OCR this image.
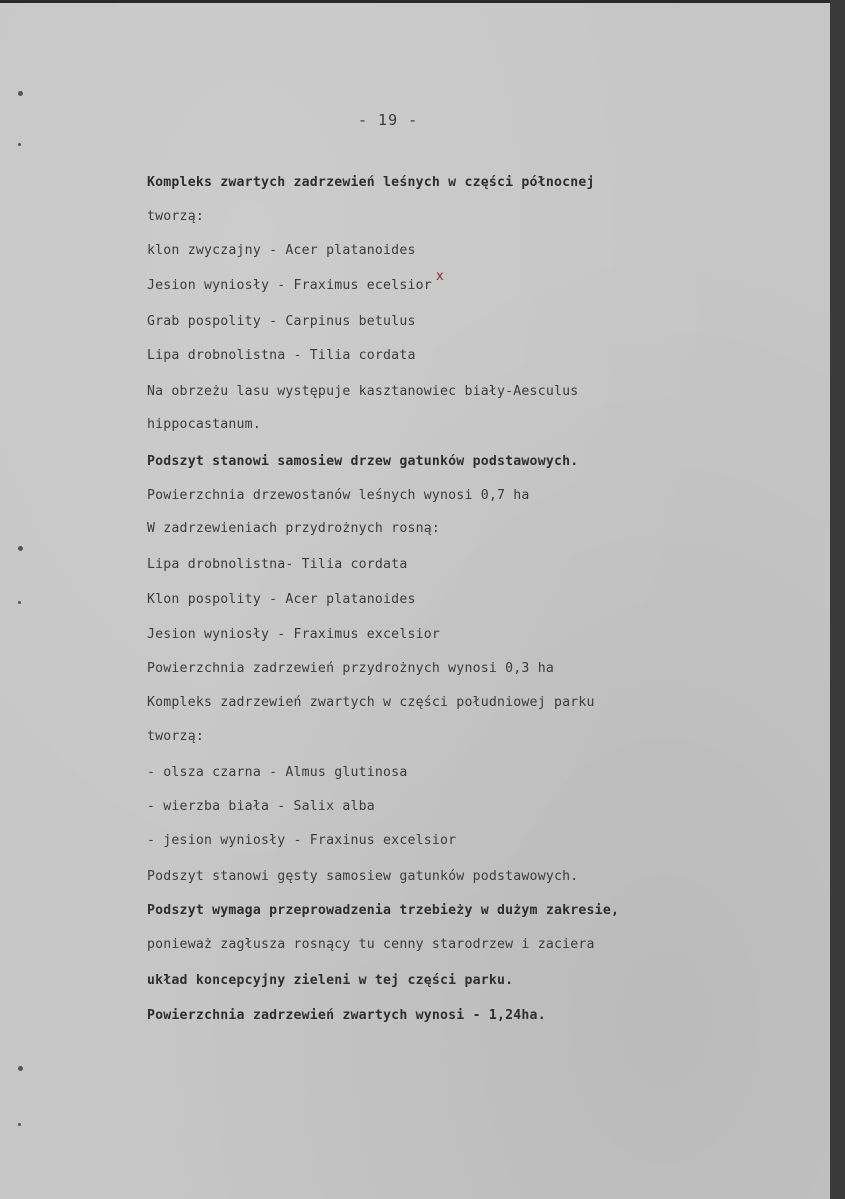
- 19 -
Kompleks zwartych zadrzewień leśnych w części północnej
tworzą:
klon zwyczajny - Acer platanoides
Jesion wyniosły - Fraximus ecelsior
x
Grab pospolity - Carpinus betulus
Lipa drobnolistna - Tilia cordata
Na obrzeżu lasu występuje kasztanowiec biały-Aesculus
hippocastanum.
Podszyt stanowi samosiew drzew gatunków podstawowych.
Powierzchnia drzewostanów leśnych wynosi 0,7 ha
W zadrzewieniach przydrożnych rosną:
Lipa drobnolistna- Tilia cordata
Klon pospolity - Acer platanoides
Jesion wyniosły - Fraximus excelsior
Powierzchnia zadrzewień przydrożnych wynosi 0,3 ha
Kompleks zadrzewień zwartych w części południowej parku
tworzą:
- olsza czarna - Almus glutinosa
- wierzba biała - Salix alba
- jesion wyniosły - Fraxinus excelsior
Podszyt stanowi gęsty samosiew gatunków podstawowych.
Podszyt wymaga przeprowadzenia trzebieży w dużym zakresie,
ponieważ zagłusza rosnący tu cenny starodrzew i zaciera
układ koncepcyjny zieleni w tej części parku.
Powierzchnia zadrzewień zwartych wynosi - 1,24ha.
